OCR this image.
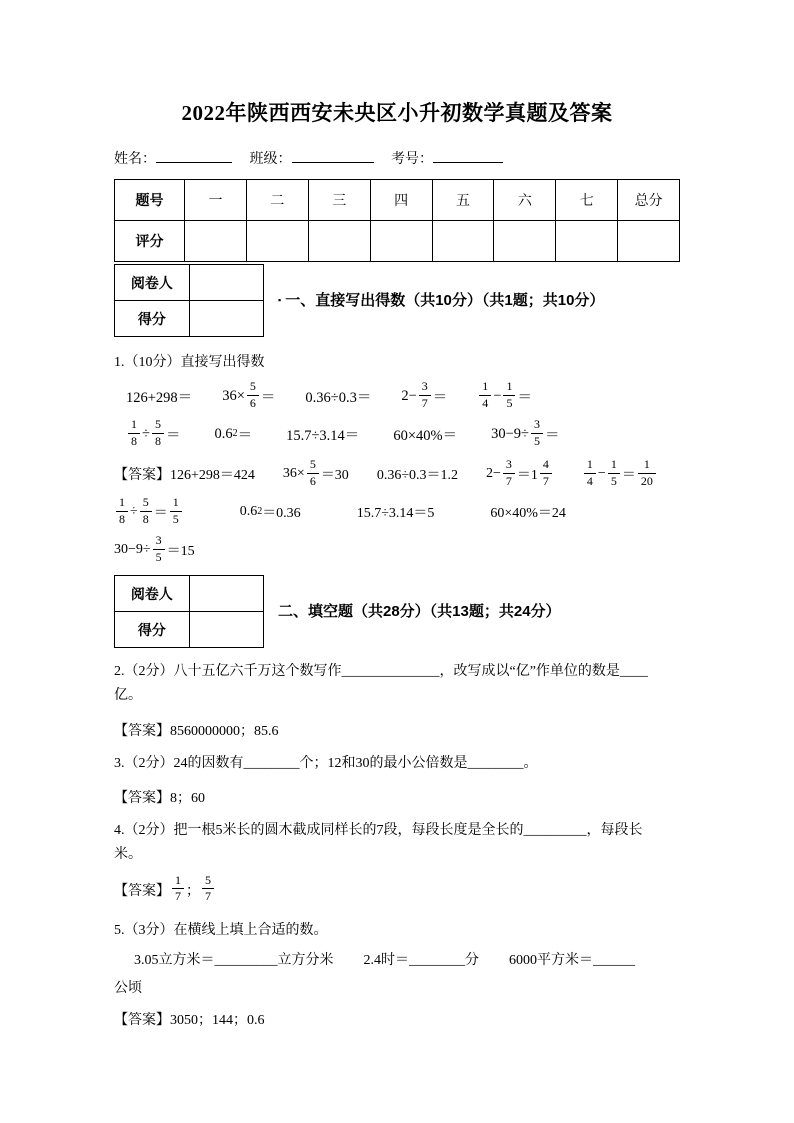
2022年陕西西安未央区小升初数学真题及答案
姓名：	班级：	考号：
题号	一	二	三	四	五	六	七	总分
评分								
阅卷人	
得分	
▪ 一、直接写出得数（共10分）（共1题；共10分）
1.（10分）直接写出得数
$126+298= 36\times \frac{5}{6} = 0.36\div 0.3= 2- \frac{3}{7}$ ＝	$\frac{1}{4} - \frac{1}{5}$ ＝
$\frac{1}{8} \div \frac{5}{8} = 0.6$ $2 = 15.7\div 3.14= 60\times 40\%= 30-9\div \frac{3}{5}$ ＝
【答案】 126+298＝424 $36\times \frac{5}{6} =30$ 0.36÷0.3＝1.2 $2- \frac{3}{7} =1 \frac{4}{7}$	$\frac{1}{4} - \frac{1}{5} = \frac{1}{20}$
$\frac{1}{8} \div \frac{5}{8} = \frac{1}{5}$	0.6 2 ＝0.36	15.7÷3.14＝5	60×40%＝24
$30-9\div \frac{3}{5} =15$
阅卷人	
得分	
二、填空题（共28分）（共13题；共24分）
2.（2分）八十五亿六千万这个数写作______________，改写成以“亿”作单位的数是____
亿。
【答案】8560000000；85.6
3.（2分）24的因数有________个；12和30的最小公倍数是________。
【答案】8；60
4.（2分）把一根5米长的圆木截成同样长的7段，每段长度是全长的_________，每段长
米。
【答案】 $\frac{1}{7}$ ； $\frac{5}{7}$
5.（3分）在横线上填上合适的数。
3.05立方米＝_________立方分米 2.4时＝________分 6000平方米＝______
公顷
【答案】3050；144；0.6
